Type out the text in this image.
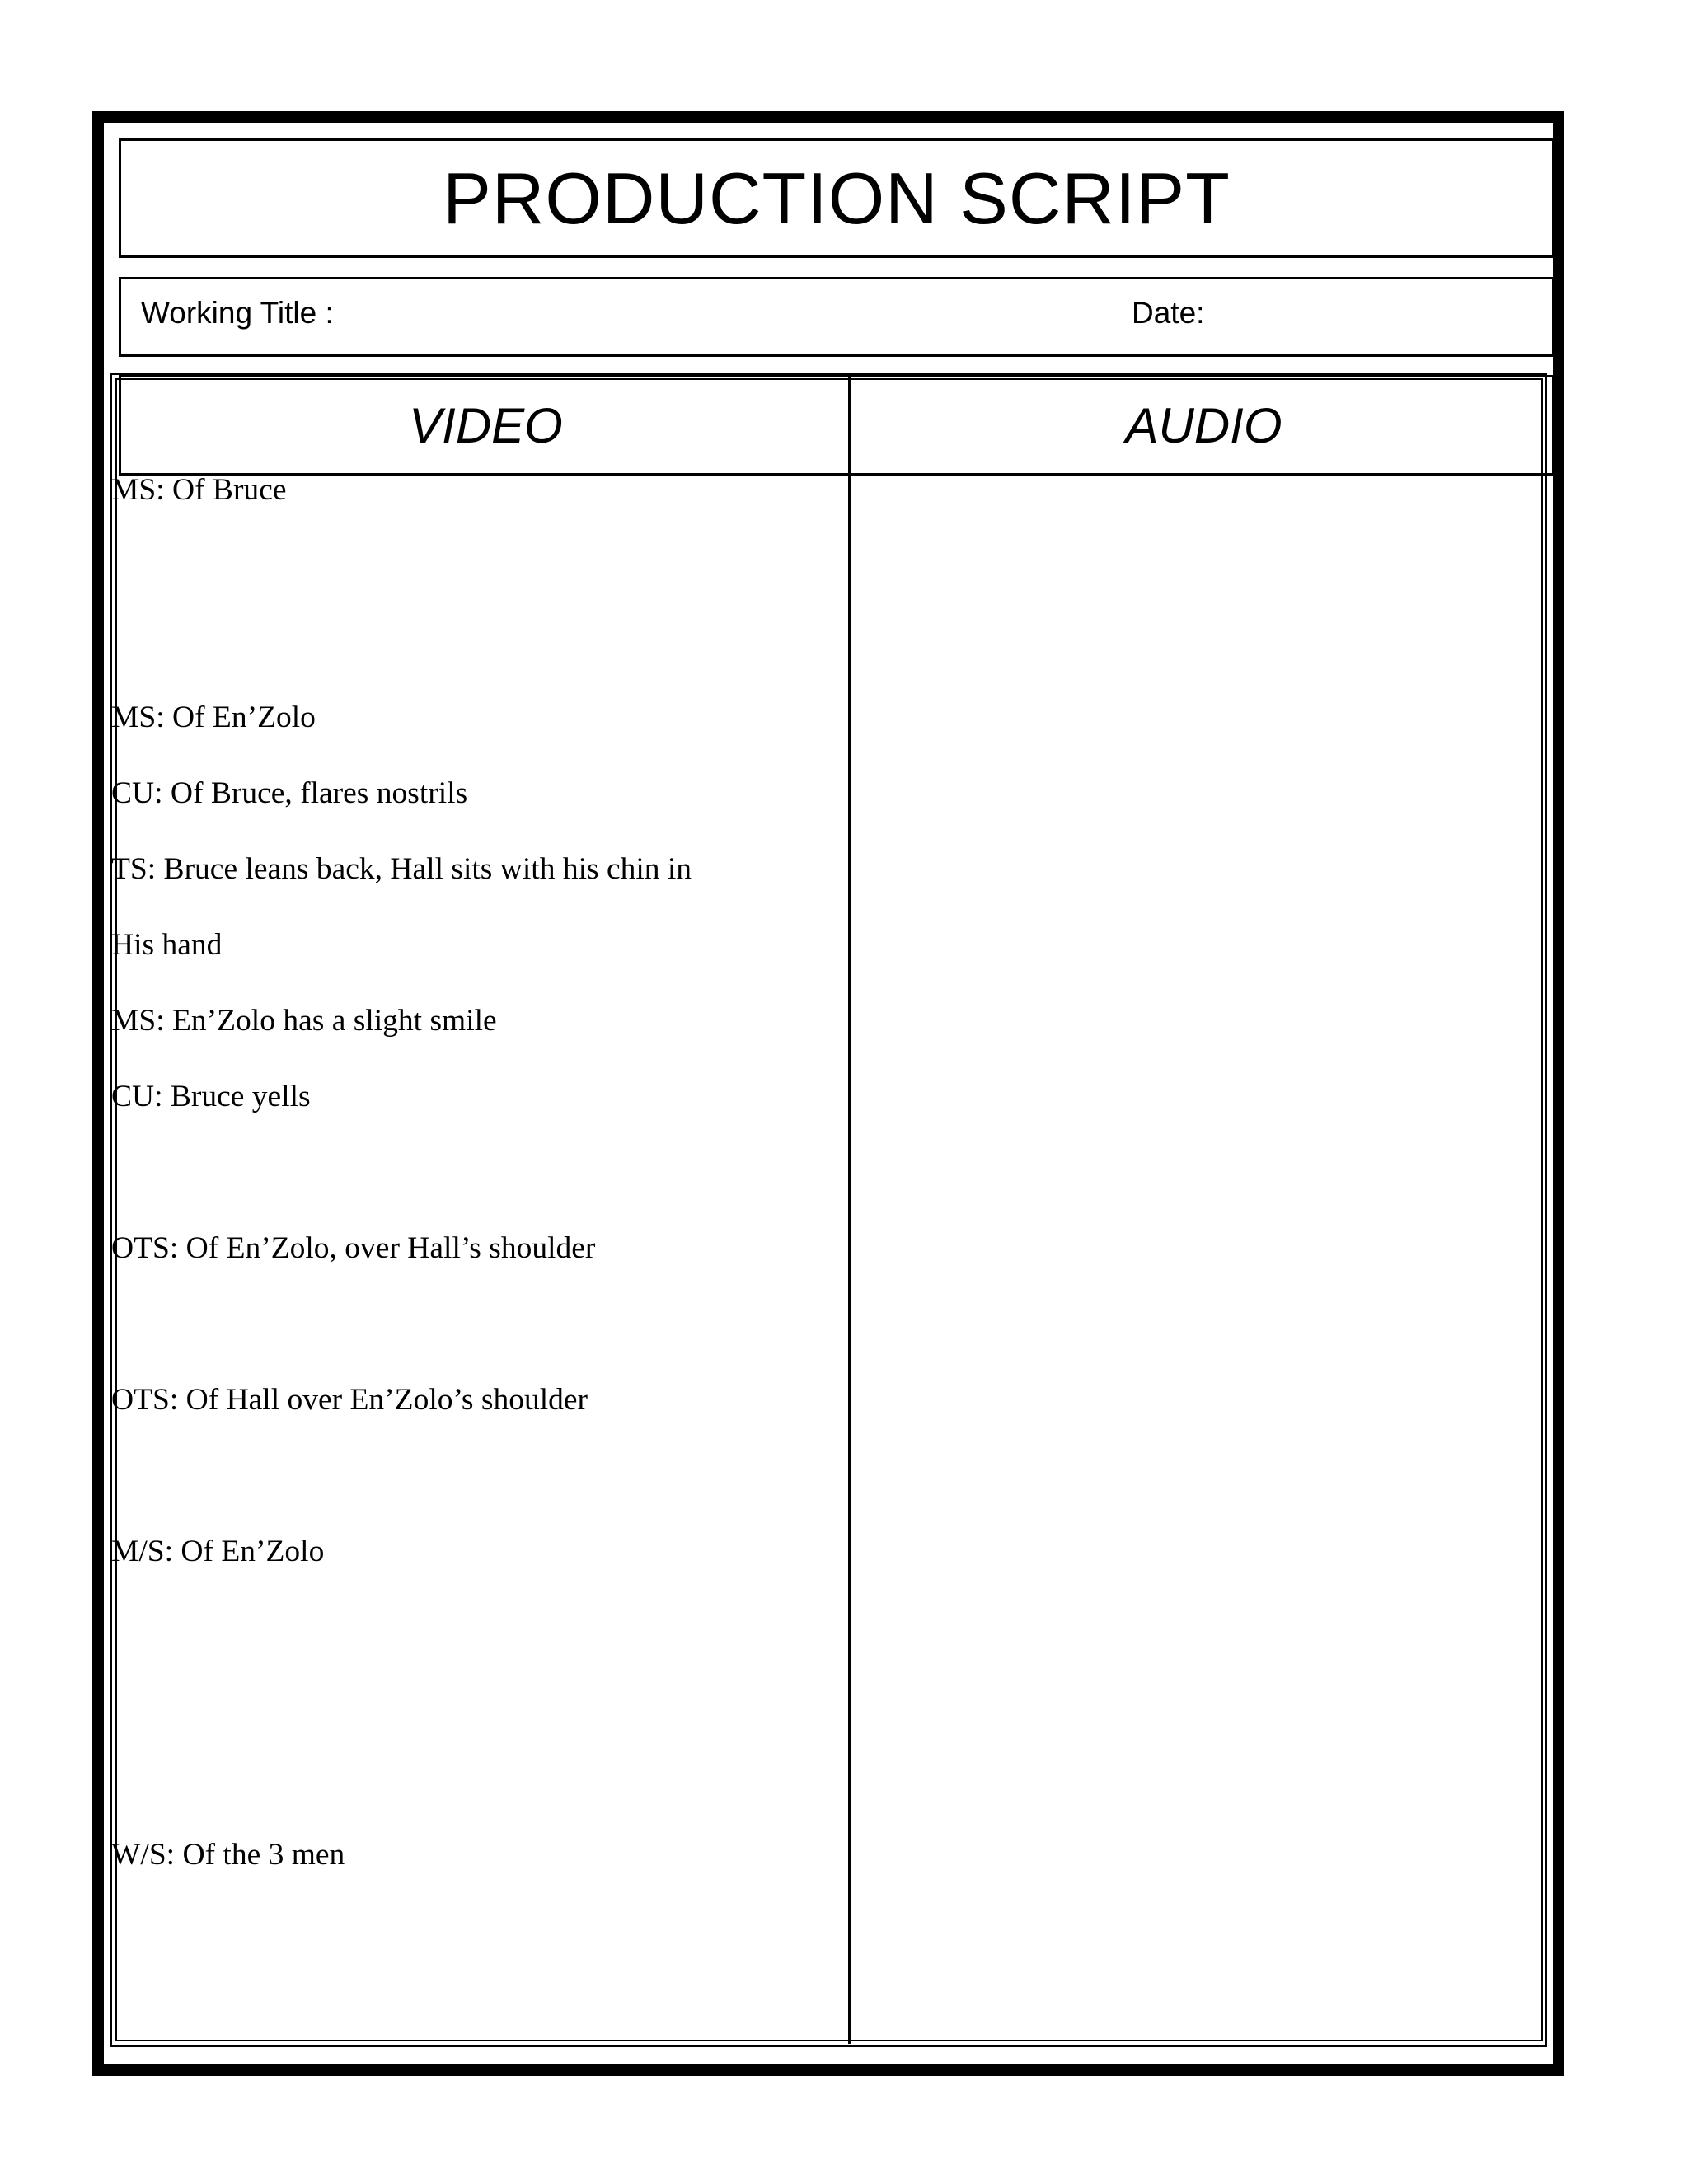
PRODUCTION SCRIPT
Working Title :	Date:
VIDEO	AUDIO
MS: Of Bruce
MS: Of En’Zolo
CU: Of Bruce, flares nostrils
TS: Bruce leans back, Hall sits with his chin in
His hand
MS: En’Zolo has a slight smile
CU: Bruce yells
OTS: Of En’Zolo, over Hall’s shoulder
OTS: Of Hall over En’Zolo’s shoulder
M/S: Of En’Zolo
W/S: Of the 3 men
